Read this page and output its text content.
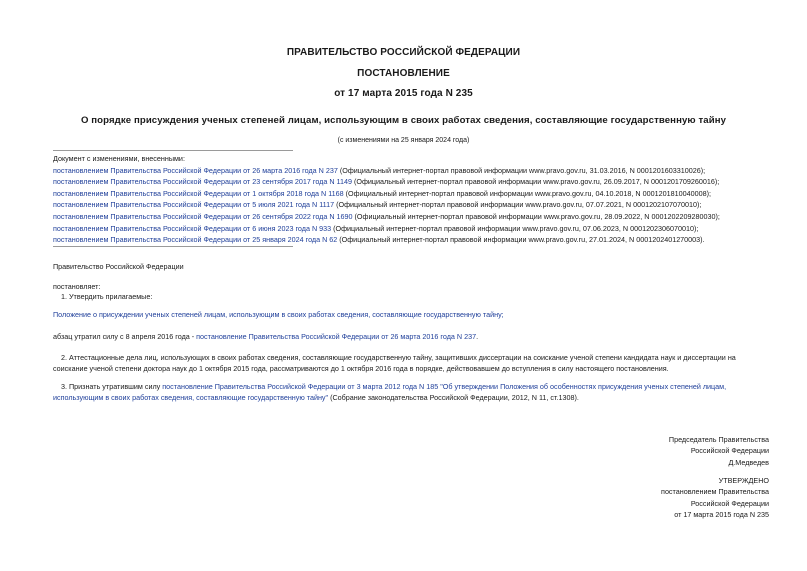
ПРАВИТЕЛЬСТВО РОССИЙСКОЙ ФЕДЕРАЦИИ
ПОСТАНОВЛЕНИЕ
от 17 марта 2015 года N 235
О порядке присуждения ученых степеней лицам, использующим в своих работах сведения, составляющие государственную тайну
(с изменениями на 25 января 2024 года)
Документ с изменениями, внесенными:
постановлением Правительства Российской Федерации от 26 марта 2016 года N 237 (Официальный интернет-портал правовой информации www.pravo.gov.ru, 31.03.2016, N 0001201603310026);
постановлением Правительства Российской Федерации от 23 сентября 2017 года N 1149 (Официальный интернет-портал правовой информации www.pravo.gov.ru, 26.09.2017, N 0001201709260016);
постановлением Правительства Российской Федерации от 1 октября 2018 года N 1168 (Официальный интернет-портал правовой информации www.pravo.gov.ru, 04.10.2018, N 0001201810040008);
постановлением Правительства Российской Федерации от 5 июля 2021 года N 1117 (Официальный интернет-портал правовой информации www.pravo.gov.ru, 07.07.2021, N 0001202107070010);
постановлением Правительства Российской Федерации от 26 сентября 2022 года N 1690 (Официальный интернет-портал правовой информации www.pravo.gov.ru, 28.09.2022, N 0001202209280030);
постановлением Правительства Российской Федерации от 6 июня 2023 года N 933 (Официальный интернет-портал правовой информации www.pravo.gov.ru, 07.06.2023, N 0001202306070010);
постановлением Правительства Российской Федерации от 25 января 2024 года N 62 (Официальный интернет-портал правовой информации www.pravo.gov.ru, 27.01.2024, N 0001202401270003).
Правительство Российской Федерации
постановляет:
1. Утвердить прилагаемые:
Положение о присуждении ученых степеней лицам, использующим в своих работах сведения, составляющие государственную тайну;
абзац утратил силу с 8 апреля 2016 года - постановление Правительства Российской Федерации от 26 марта 2016 года N 237.
2. Аттестационные дела лиц, использующих в своих работах сведения, составляющие государственную тайну, защитивших диссертации на соискание ученой степени кандидата наук и диссертации на соискание ученой степени доктора наук до 1 октября 2015 года, рассматриваются до 1 октября 2016 года в порядке, действовавшем до вступления в силу настоящего постановления.
3. Признать утратившим силу постановление Правительства Российской Федерации от 3 марта 2012 года N 185 "Об утверждении Положения об особенностях присуждения ученых степеней лицам, использующим в своих работах сведения, составляющие государственную тайну" (Собрание законодательства Российской Федерации, 2012, N 11, ст.1308).
Председатель Правительства
Российской Федерации
Д.Медведев
УТВЕРЖДЕНО
постановлением Правительства
Российской Федерации
от 17 марта 2015 года N 235
